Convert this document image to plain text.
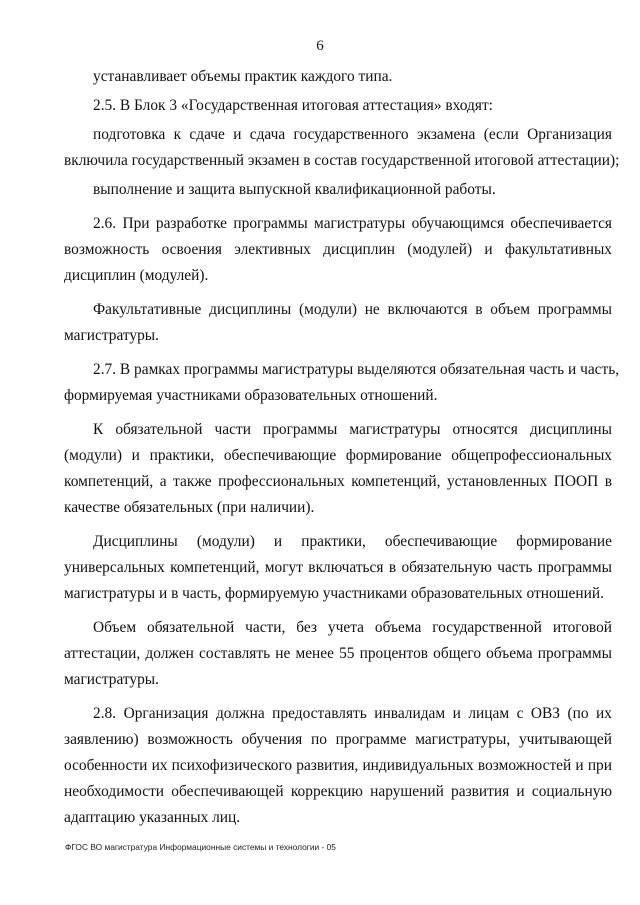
6
устанавливает объемы практик каждого типа.
2.5. В Блок 3 «Государственная итоговая аттестация» входят:
подготовка к сдаче и сдача государственного экзамена (если Организация
включила государственный экзамен в состав государственной итоговой аттестации);
выполнение и защита выпускной квалификационной работы.
2.6. При разработке программы магистратуры обучающимся обеспечивается
возможность освоения элективных дисциплин (модулей) и факультативных
дисциплин (модулей).
Факультативные дисциплины (модули) не включаются в объем программы
магистратуры.
2.7. В рамках программы магистратуры выделяются обязательная часть и часть,
формируемая участниками образовательных отношений.
К обязательной части программы магистратуры относятся дисциплины
(модули) и практики, обеспечивающие формирование общепрофессиональных
компетенций, а также профессиональных компетенций, установленных ПООП в
качестве обязательных (при наличии).
Дисциплины (модули) и практики, обеспечивающие формирование
универсальных компетенций, могут включаться в обязательную часть программы
магистратуры и в часть, формируемую участниками образовательных отношений.
Объем обязательной части, без учета объема государственной итоговой
аттестации, должен составлять не менее 55 процентов общего объема программы
магистратуры.
2.8. Организация должна предоставлять инвалидам и лицам с ОВЗ (по их
заявлению) возможность обучения по программе магистратуры, учитывающей
особенности их психофизического развития, индивидуальных возможностей и при
необходимости обеспечивающей коррекцию нарушений развития и социальную
адаптацию указанных лиц.
ФГОС ВО магистратура Информационные системы и технологии - 05
